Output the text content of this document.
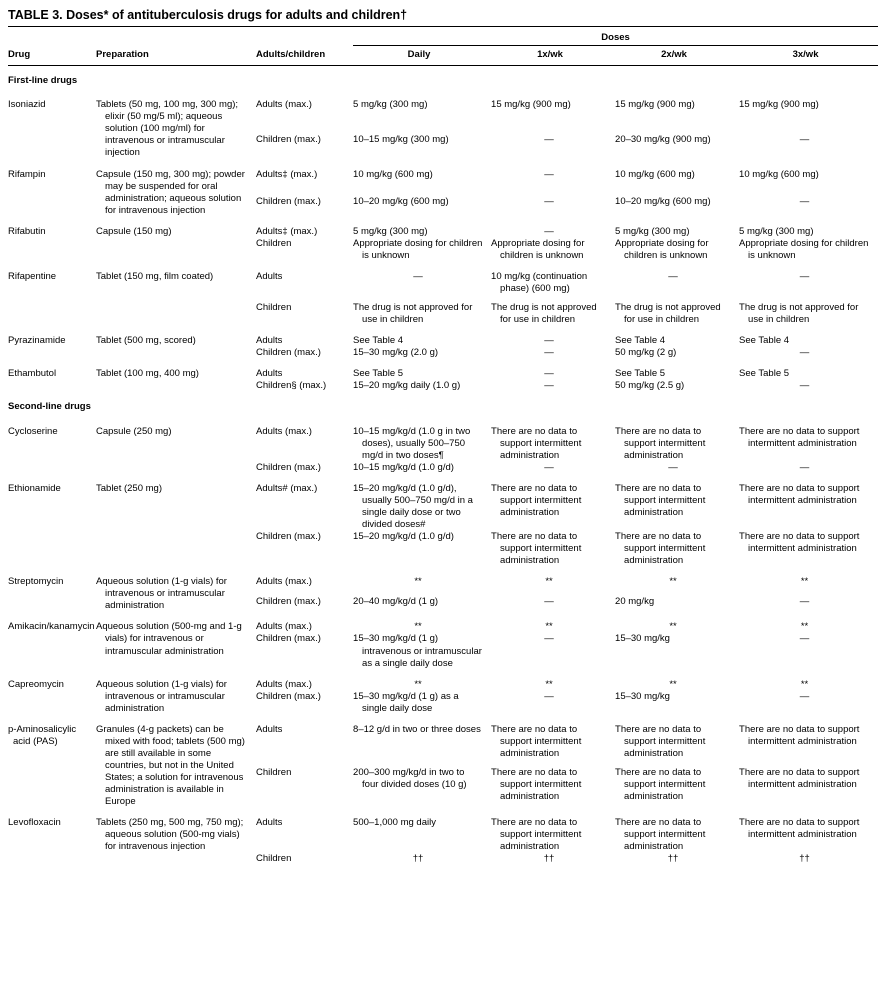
TABLE 3. Doses* of antituberculosis drugs for adults and children†
			Doses			
Drug	Preparation	Adults/children	Daily	1x/wk	2x/wk	3x/wk
First-line drugs						
Isoniazid	Tablets (50 mg, 100 mg, 300 mg); elixir (50 mg/5 ml); aqueous solution (100 mg/ml) for intravenous or intramuscular injection	Adults (max.)	5 mg/kg (300 mg)	15 mg/kg (900 mg)	15 mg/kg (900 mg)	15 mg/kg (900 mg)
		Children (max.)	10–15 mg/kg (300 mg)	—	20–30 mg/kg (900 mg)	—
Rifampin	Capsule (150 mg, 300 mg); powder may be suspended for oral administration; aqueous solution for intravenous injection	Adults‡ (max.)	10 mg/kg (600 mg)	—	10 mg/kg (600 mg)	10 mg/kg (600 mg)
		Children (max.)	10–20 mg/kg (600 mg)	—	10–20 mg/kg (600 mg)	—
Rifabutin	Capsule (150 mg)	Adults‡ (max.)	5 mg/kg (300 mg)	—	5 mg/kg (300 mg)	5 mg/kg (300 mg)
		Children	Appropriate dosing for children is unknown	Appropriate dosing for children is unknown	Appropriate dosing for children is unknown	Appropriate dosing for children is unknown
Rifapentine	Tablet (150 mg, film coated)	Adults	—	10 mg/kg (continuation phase) (600 mg)	—	—
		Children	The drug is not approved for use in children	The drug is not approved for use in children	The drug is not approved for use in children	The drug is not approved for use in children
Pyrazinamide	Tablet (500 mg, scored)	Adults	See Table 4	—	See Table 4	See Table 4
		Children (max.)	15–30 mg/kg (2.0 g)	—	50 mg/kg (2 g)	—
Ethambutol	Tablet (100 mg, 400 mg)	Adults	See Table 5	—	See Table 5	See Table 5
		Children§ (max.)	15–20 mg/kg daily (1.0 g)	—	50 mg/kg (2.5 g)	—
Second-line drugs						
Cycloserine	Capsule (250 mg)	Adults (max.)	10–15 mg/kg/d (1.0 g in two doses), usually 500–750 mg/d in two doses¶	There are no data to support intermittent administration	There are no data to support intermittent administration	There are no data to support intermittent administration
		Children (max.)	10–15 mg/kg/d (1.0 g/d)	—	—	—
Ethionamide	Tablet (250 mg)	Adults# (max.)	15–20 mg/kg/d (1.0 g/d), usually 500–750 mg/d in a single daily dose or two divided doses#	There are no data to support intermittent administration	There are no data to support intermittent administration	There are no data to support intermittent administration
		Children (max.)	15–20 mg/kg/d (1.0 g/d)	There are no data to support intermittent administration	There are no data to support intermittent administration	There are no data to support intermittent administration
Streptomycin	Aqueous solution (1-g vials) for intravenous or intramuscular administration	Adults (max.)	**	**	**	**
		Children (max.)	20–40 mg/kg/d (1 g)	—	20 mg/kg	—
Amikacin/kanamycin	Aqueous solution (500-mg and 1-g vials) for intravenous or intramuscular administration	Adults (max.)	**	**	**	**
		Children (max.)	15–30 mg/kg/d (1 g) intravenous or intramuscular as a single daily dose	—	15–30 mg/kg	—
Capreomycin	Aqueous solution (1-g vials) for intravenous or intramuscular administration	Adults (max.)	**	**	**	**
		Children (max.)	15–30 mg/kg/d (1 g) as a single daily dose	—	15–30 mg/kg	—
p-Aminosalicylic acid (PAS)	Granules (4-g packets) can be mixed with food; tablets (500 mg) are still available in some countries, but not in the United States; a solution for intravenous administration is available in Europe	Adults	8–12 g/d in two or three doses	There are no data to support intermittent administration	There are no data to support intermittent administration	There are no data to support intermittent administration
		Children	200–300 mg/kg/d in two to four divided doses (10 g)	There are no data to support intermittent administration	There are no data to support intermittent administration	There are no data to support intermittent administration
Levofloxacin	Tablets (250 mg, 500 mg, 750 mg); aqueous solution (500-mg vials) for intravenous injection	Adults	500–1,000 mg daily	There are no data to support intermittent administration	There are no data to support intermittent administration	There are no data to support intermittent administration
		Children	††	††	††	††
